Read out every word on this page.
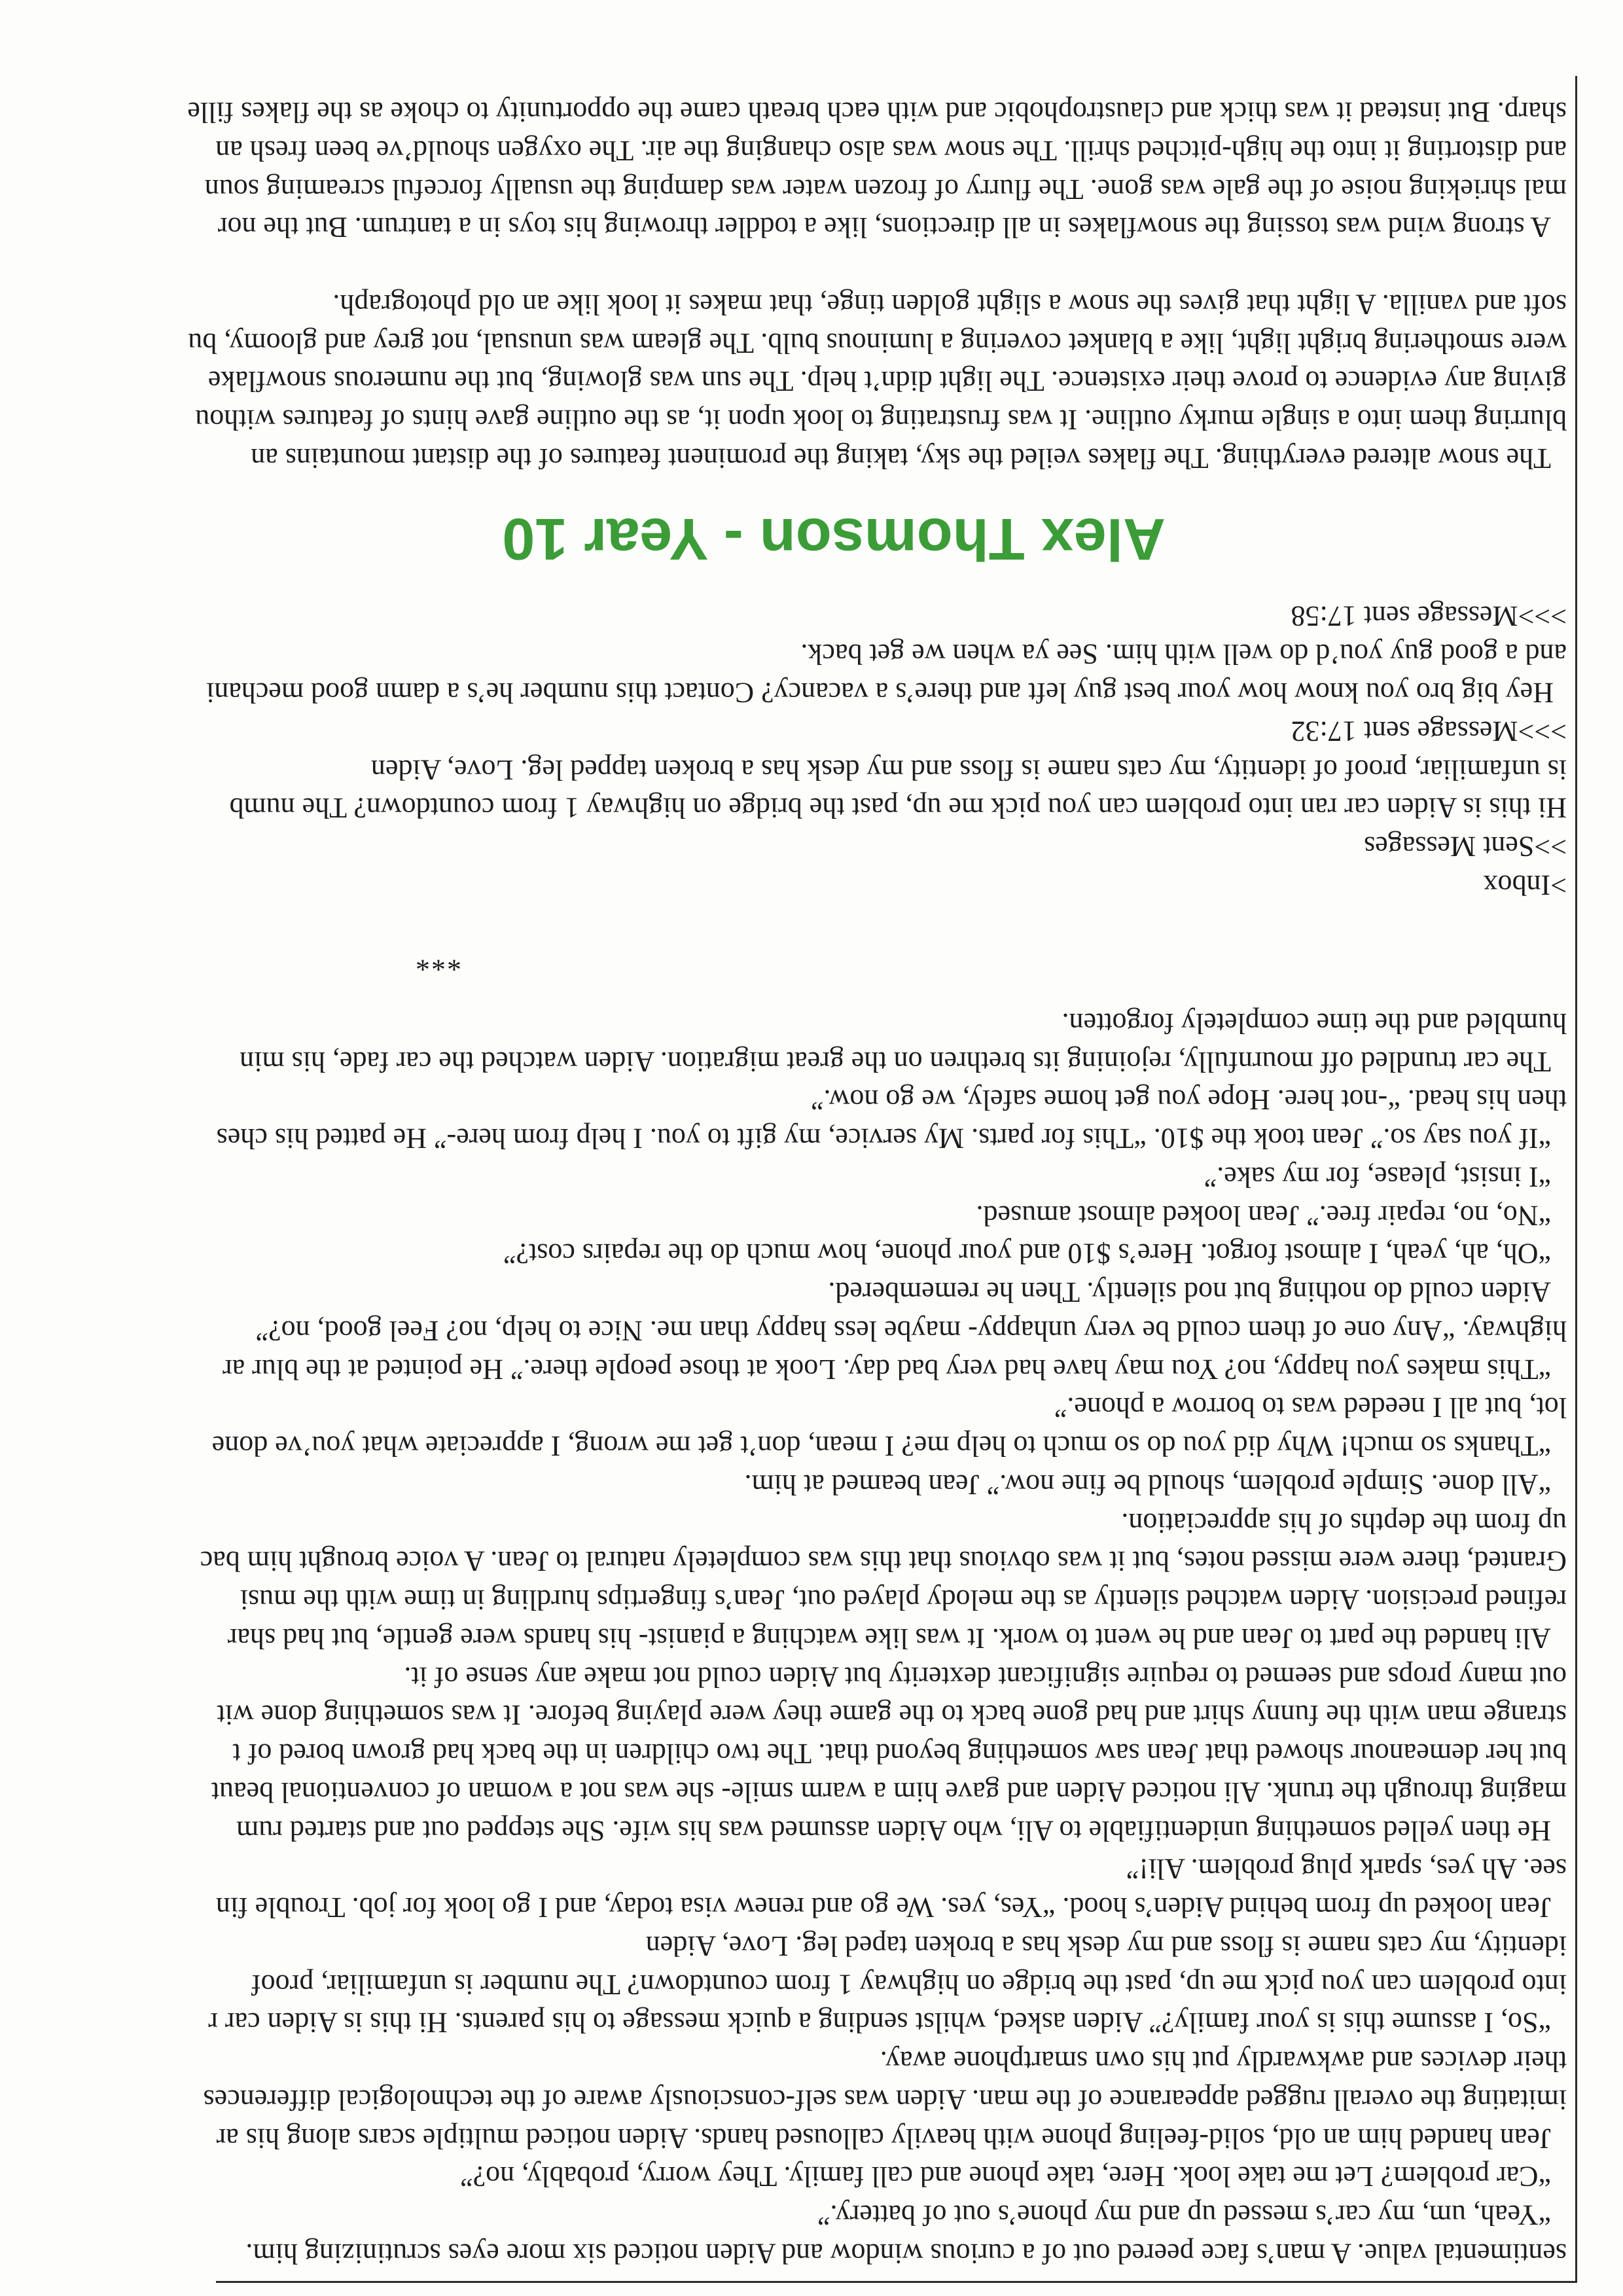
sentimental value. A man’s face peered out of a curious window and Aiden noticed six more eyes scrutinizing him.
“Yeah, um, my car’s messed up and my phone’s out of battery.”
“Car problem? Let me take look. Here, take phone and call family. They worry, probably, no?”
Jean handed him an old, solid-feeling phone with heavily calloused hands. Aiden noticed multiple scars along his ar
imitating the overall rugged appearance of the man. Aiden was self-consciously aware of the technological differences
their devices and awkwardly put his own smartphone away.
“So, I assume this is your family?” Aiden asked, whilst sending a quick message to his parents. Hi this is Aiden car r
into problem can you pick me up, past the bridge on highway 1 from countdown? The number is unfamiliar, proof
identity, my cats name is floss and my desk has a broken taped leg. Love, Aiden
Jean looked up from behind Aiden’s hood. “Yes, yes. We go and renew visa today, and I go look for job. Trouble fin
see. Ah yes, spark plug problem. Ali!”
He then yelled something unidentifiable to Ali, who Aiden assumed was his wife. She stepped out and started rum
maging through the trunk. Ali noticed Aiden and gave him a warm smile- she was not a woman of conventional beaut
but her demeanour showed that Jean saw something beyond that. The two children in the back had grown bored of t
strange man with the funny shirt and had gone back to the game they were playing before. It was something done wit
out many props and seemed to require significant dexterity but Aiden could not make any sense of it.
Ali handed the part to Jean and he went to work. It was like watching a pianist- his hands were gentle, but had shar
refined precision. Aiden watched silently as the melody played out, Jean’s fingertips hurdling in time with the musi
Granted, there were missed notes, but it was obvious that this was completely natural to Jean. A voice brought him bac
up from the depths of his appreciation.
“All done. Simple problem, should be fine now.” Jean beamed at him.
“Thanks so much! Why did you do so much to help me? I mean, don’t get me wrong, I appreciate what you’ve done
lot, but all I needed was to borrow a phone.”
“This makes you happy, no? You may have had very bad day. Look at those people there.” He pointed at the blur ar
highway. “Any one of them could be very unhappy- maybe less happy than me. Nice to help, no? Feel good, no?”
Aiden could do nothing but nod silently. Then he remembered.
“Oh, ah, yeah, I almost forgot. Here’s $10 and your phone, how much do the repairs cost?”
“No, no, repair free.” Jean looked almost amused.
“I insist, please, for my sake.”
“If you say so.” Jean took the $10. “This for parts. My service, my gift to you. I help from here-” He patted his ches
then his head. “-not here. Hope you get home safely, we go now.”
The car trundled off mournfully, rejoining its brethren on the great migration. Aiden watched the car fade, his min
humbled and the time completely forgotten.
***
>Inbox
>>Sent Messages
Hi this is Aiden car ran into problem can you pick me up, past the bridge on highway 1 from countdown? The numb
is unfamiliar, proof of identity, my cats name is floss and my desk has a broken tapped leg. Love, Aiden
>>>Message sent 17:32
Hey big bro you know how your best guy left and there’s a vacancy? Contact this number he’s a damn good mechani
and a good guy you’d do well with him. See ya when we get back.
>>>Message sent 17:58
Alex Thomson - Year 10
The snow altered everything. The flakes veiled the sky, taking the prominent features of the distant mountains an
blurring them into a single murky outline. It was frustrating to look upon it, as the outline gave hints of features withou
giving any evidence to prove their existence. The light didn’t help. The sun was glowing, but the numerous snowflake
were smothering bright light, like a blanket covering a luminous bulb. The gleam was unusual, not grey and gloomy, bu
soft and vanilla. A light that gives the snow a slight golden tinge, that makes it look like an old photograph.
A strong wind was tossing the snowflakes in all directions, like a toddler throwing his toys in a tantrum. But the nor
mal shrieking noise of the gale was gone. The flurry of frozen water was damping the usually forceful screaming soun
and distorting it into the high-pitched shrill. The snow was also changing the air. The oxygen should’ve been fresh an
sharp. But instead it was thick and claustrophobic and with each breath came the opportunity to choke as the flakes fille
